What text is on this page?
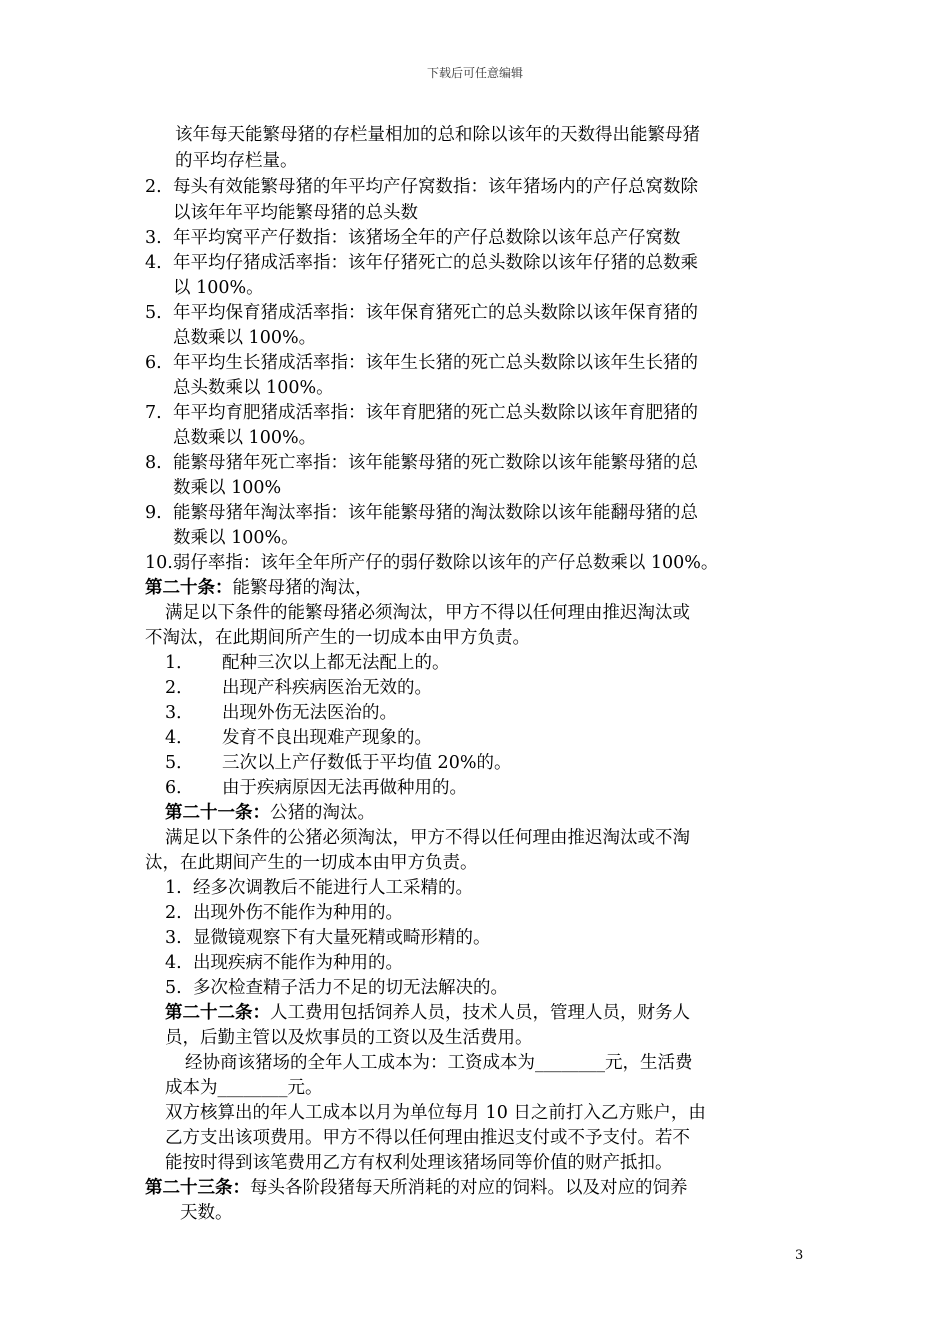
下载后可任意编辑
该年每天能繁母猪的存栏量相加的总和除以该年的天数得出能繁母猪
的平均存栏量。
2. 每头有效能繁母猪的年平均产仔窝数指：该年猪场内的产仔总窝数除
以该年年平均能繁母猪的总头数
3. 年平均窝平产仔数指：该猪场全年的产仔总数除以该年总产仔窝数
4. 年平均仔猪成活率指：该年仔猪死亡的总头数除以该年仔猪的总数乘
以 100%。
5. 年平均保育猪成活率指：该年保育猪死亡的总头数除以该年保育猪的
总数乘以 100%。
6. 年平均生长猪成活率指：该年生长猪的死亡总头数除以该年生长猪的
总头数乘以 100%。
7. 年平均育肥猪成活率指：该年育肥猪的死亡总头数除以该年育肥猪的
总数乘以 100%。
8. 能繁母猪年死亡率指：该年能繁母猪的死亡数除以该年能繁母猪的总
数乘以 100%
9. 能繁母猪年淘汰率指：该年能繁母猪的淘汰数除以该年能翻母猪的总
数乘以 100%。
10.弱仔率指：该年全年所产仔的弱仔数除以该年的产仔总数乘以 100%。
第二十条：能繁母猪的淘汰，
满足以下条件的能繁母猪必须淘汰，甲方不得以任何理由推迟淘汰或
不淘汰，在此期间所产生的一切成本由甲方负责。
1． 配种三次以上都无法配上的。
2． 出现产科疾病医治无效的。
3． 出现外伤无法医治的。
4． 发育不良出现难产现象的。
5． 三次以上产仔数低于平均值 20%的。
6． 由于疾病原因无法再做种用的。
第二十一条：公猪的淘汰。
满足以下条件的公猪必须淘汰，甲方不得以任何理由推迟淘汰或不淘
汰，在此期间产生的一切成本由甲方负责。
1. 经多次调教后不能进行人工采精的。
2. 出现外伤不能作为种用的。
3. 显微镜观察下有大量死精或畸形精的。
4. 出现疾病不能作为种用的。
5. 多次检查精子活力不足的切无法解决的。
第二十二条：人工费用包括饲养人员，技术人员，管理人员，财务人
员，后勤主管以及炊事员的工资以及生活费用。
经协商该猪场的全年人工成本为：工资成本为________元，生活费
成本为________元。
双方核算出的年人工成本以月为单位每月 10 日之前打入乙方账户，由
乙方支出该项费用。甲方不得以任何理由推迟支付或不予支付。若不
能按时得到该笔费用乙方有权利处理该猪场同等价值的财产抵扣。
第二十三条：每头各阶段猪每天所消耗的对应的饲料。以及对应的饲养
天数。
3
